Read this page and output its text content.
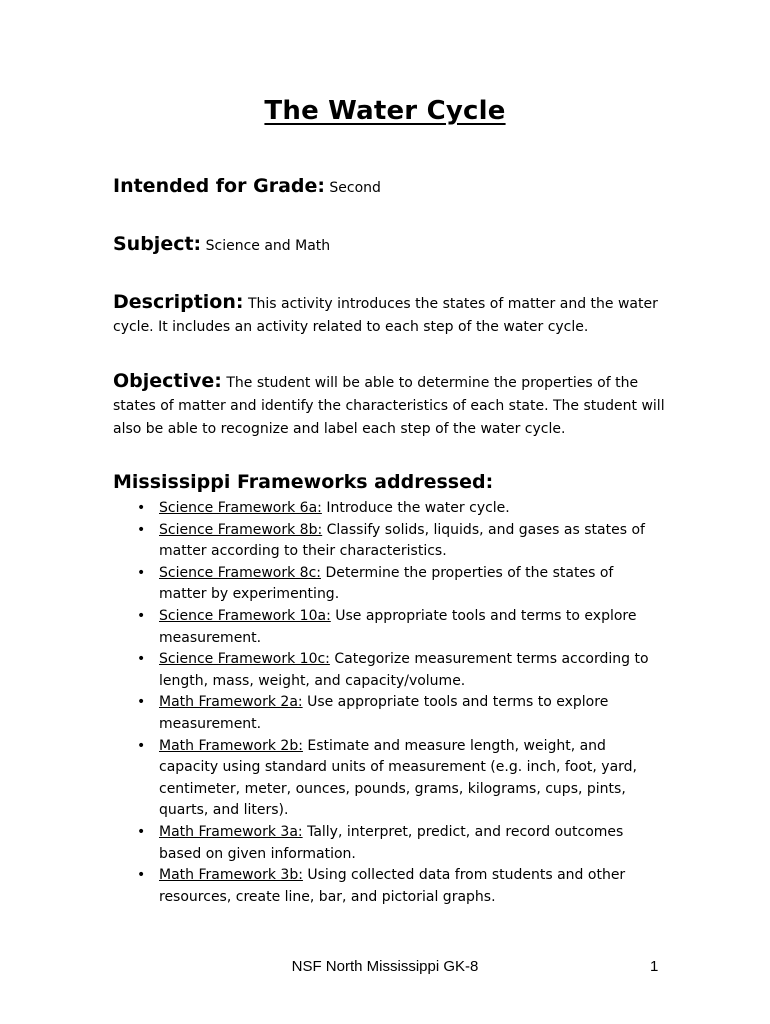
The Water Cycle
Intended for Grade: Second
Subject: Science and Math
Description: This activity introduces the states of matter and the water cycle. It includes an activity related to each step of the water cycle.
Objective: The student will be able to determine the properties of the states of matter and identify the characteristics of each state. The student will also be able to recognize and label each step of the water cycle.
Mississippi Frameworks addressed:
• Science Framework 6a: Introduce the water cycle.
• Science Framework 8b: Classify solids, liquids, and gases as states of matter according to their characteristics.
• Science Framework 8c: Determine the properties of the states of matter by experimenting.
• Science Framework 10a: Use appropriate tools and terms to explore measurement.
• Science Framework 10c: Categorize measurement terms according to length, mass, weight, and capacity/volume.
• Math Framework 2a: Use appropriate tools and terms to explore measurement.
• Math Framework 2b: Estimate and measure length, weight, and capacity using standard units of measurement (e.g. inch, foot, yard, centimeter, meter, ounces, pounds, grams, kilograms, cups, pints, quarts, and liters).
• Math Framework 3a: Tally, interpret, predict, and record outcomes based on given information.
• Math Framework 3b: Using collected data from students and other resources, create line, bar, and pictorial graphs.
NSF North Mississippi GK-8	1
